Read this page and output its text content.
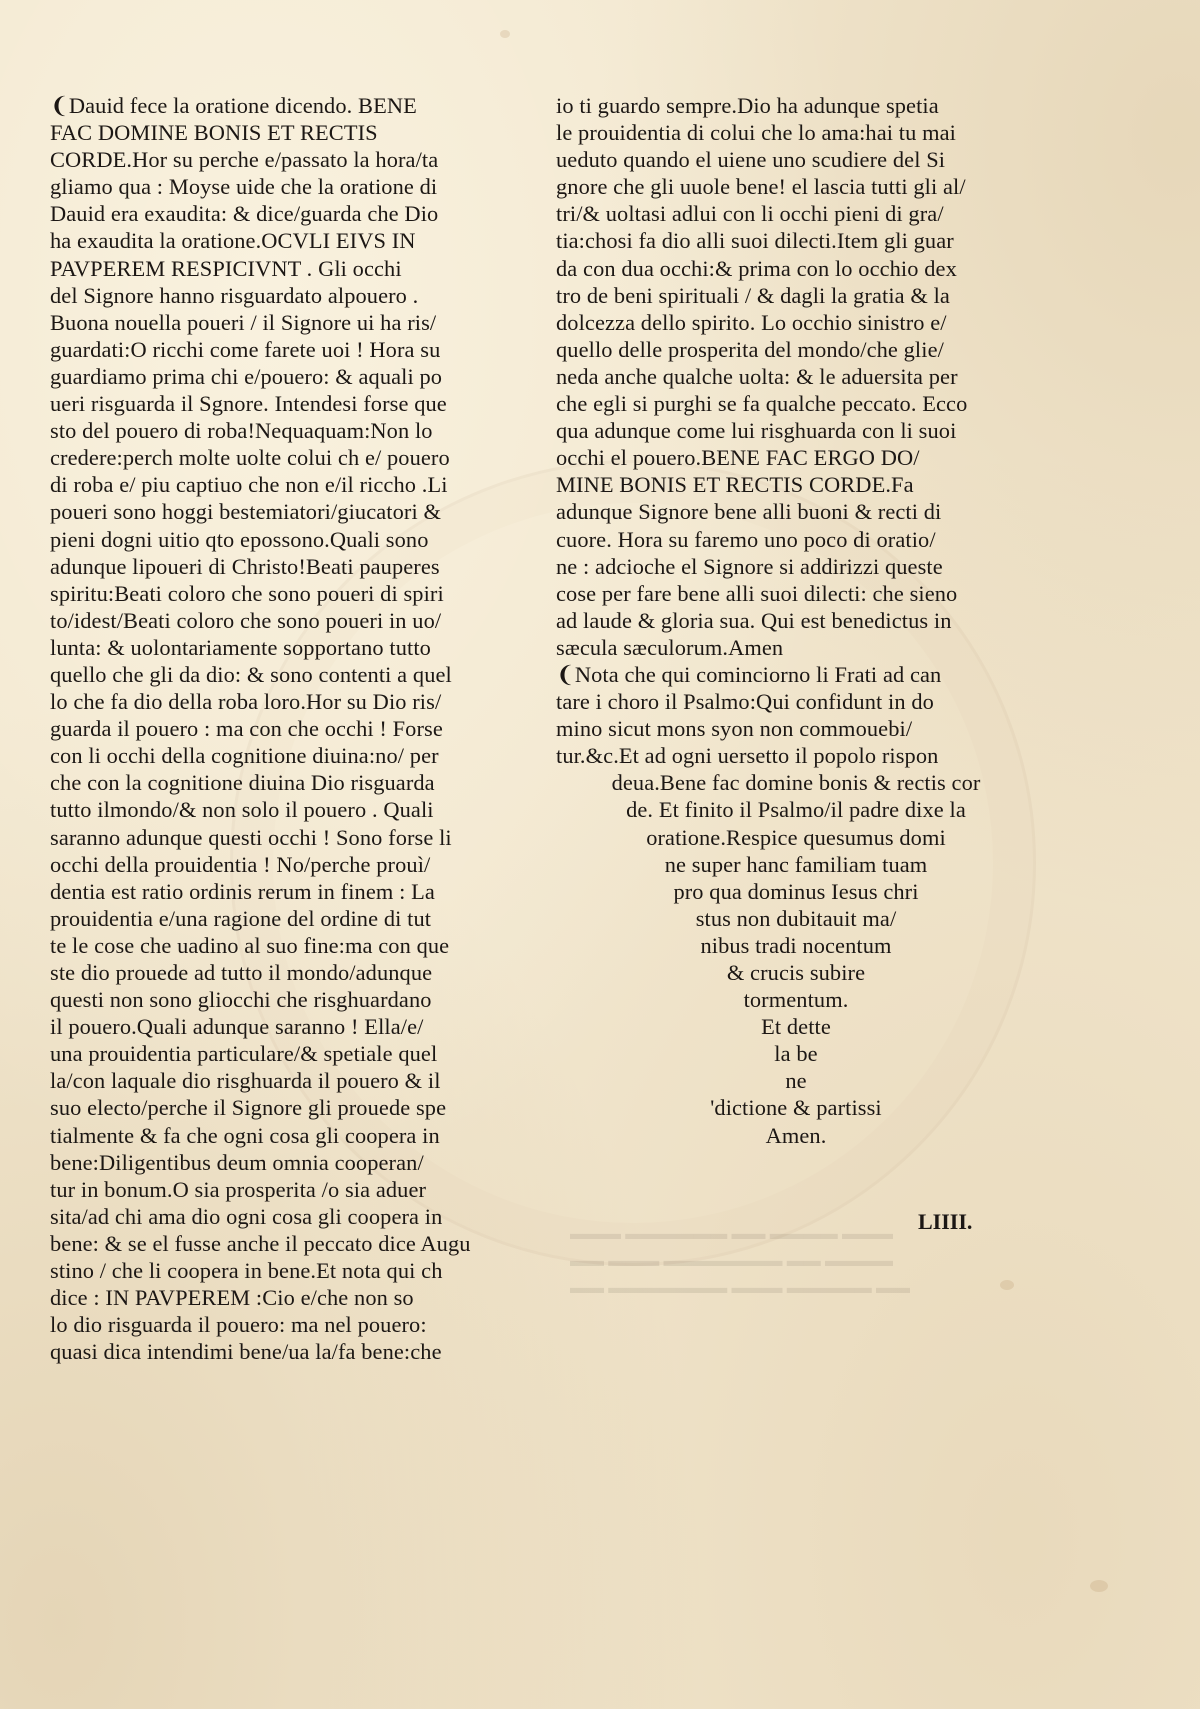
▬▬▬ ▬▬▬▬ ▬▬ ▬▬▬▬▬▬ ▬▬▬
▬▬▬▬ ▬▬ ▬▬▬▬▬▬▬ ▬▬▬ ▬▬
▬▬ ▬▬▬▬▬ ▬▬▬ ▬▬▬▬▬▬▬ ▬▬
❨Dauid fece la oratione dicendo. BENE
FAC DOMINE BONIS ET RECTIS
CORDE.Hor su perche e/passato la hora/ta
gliamo qua : Moyse uide che la oratione di
Dauid era exaudita: & dice/guarda che Dio
ha exaudita la oratione.OCVLI EIVS IN
PAVPEREM RESPICIVNT . Gli occhi
del Signore hanno risguardato alpouero .
Buona nouella poueri / il Signore ui ha ris/
guardati:O ricchi come farete uoi ! Hora su
guardiamo prima chi e/pouero: & aquali po
ueri risguarda il Sgnore. Intendesi forse que
sto del pouero di roba!Nequaquam:Non lo
credere:perch molte uolte colui ch e/ pouero
di roba e/ piu captiuo che non e/il riccho .Li
poueri sono hoggi bestemiatori/giucatori &
pieni dogni uitio qto epossono.Quali sono
adunque lipoueri di Christo!Beati pauperes
spiritu:Beati coloro che sono poueri di spiri
to/idest/Beati coloro che sono poueri in uo/
lunta: & uolontariamente sopportano tutto
quello che gli da dio: & sono contenti a quel
lo che fa dio della roba loro.Hor su Dio ris/
guarda il pouero : ma con che occhi ! Forse
con li occhi della cognitione diuina:no/ per
che con la cognitione diuina Dio risguarda
tutto ilmondo/& non solo il pouero . Quali
saranno adunque questi occhi ! Sono forse li
occhi della prouidentia ! No/perche prouì/
dentia est ratio ordinis rerum in finem : La
prouidentia e/una ragione del ordine di tut
te le cose che uadino al suo fine:ma con que
ste dio prouede ad tutto il mondo/adunque
questi non sono gliocchi che risghuardano
il pouero.Quali adunque saranno ! Ella/e/
una prouidentia particulare/& spetiale quel
la/con laquale dio risghuarda il pouero & il
suo electo/perche il Signore gli prouede spe
tialmente & fa che ogni cosa gli coopera in
bene:Diligentibus deum omnia cooperan/
tur in bonum.O sia prosperita /o sia aduer
sita/ad chi ama dio ogni cosa gli coopera in
bene: & se el fusse anche il peccato dice Augu
stino / che li coopera in bene.Et nota qui ch
dice : IN PAVPEREM :Cio e/che non so
lo dio risguarda il pouero: ma nel pouero:
quasi dica intendimi bene/ua la/fa bene:che
io ti guardo sempre.Dio ha adunque spetia
le prouidentia di colui che lo ama:hai tu mai
ueduto quando el uiene uno scudiere del Si
gnore che gli uuole bene! el lascia tutti gli al/
tri/& uoltasi adlui con li occhi pieni di gra/
tia:chosi fa dio alli suoi dilecti.Item gli guar
da con dua occhi:& prima con lo occhio dex
tro de beni spirituali / & dagli la gratia & la
dolcezza dello spirito. Lo occhio sinistro e/
quello delle prosperita del mondo/che glie/
neda anche qualche uolta: & le aduersita per
che egli si purghi se fa qualche peccato. Ecco
qua adunque come lui risghuarda con li suoi
occhi el pouero.BENE FAC ERGO DO/
MINE BONIS ET RECTIS CORDE.Fa
adunque Signore bene alli buoni & recti di
cuore. Hora su faremo uno poco di oratio/
ne : adcioche el Signore si addirizzi queste
cose per fare bene alli suoi dilecti: che sieno
ad laude & gloria sua. Qui est benedictus in
sæcula sæculorum.Amen
❨Nota che qui cominciorno li Frati ad can
tare i choro il Psalmo:Qui confidunt in do
mino sicut mons syon non commouebi/
tur.&c.Et ad ogni uersetto il popolo rispon
deua.Bene fac domine bonis & rectis cor
de. Et finito il Psalmo/il padre dixe la
oratione.Respice quesumus domi
ne super hanc familiam tuam
pro qua dominus Iesus chri
stus non dubitauit ma/
nibus tradi nocentum
& crucis subire
tormentum.
Et dette
la be
ne
'dictione & partissi
Amen.
LIIII.
